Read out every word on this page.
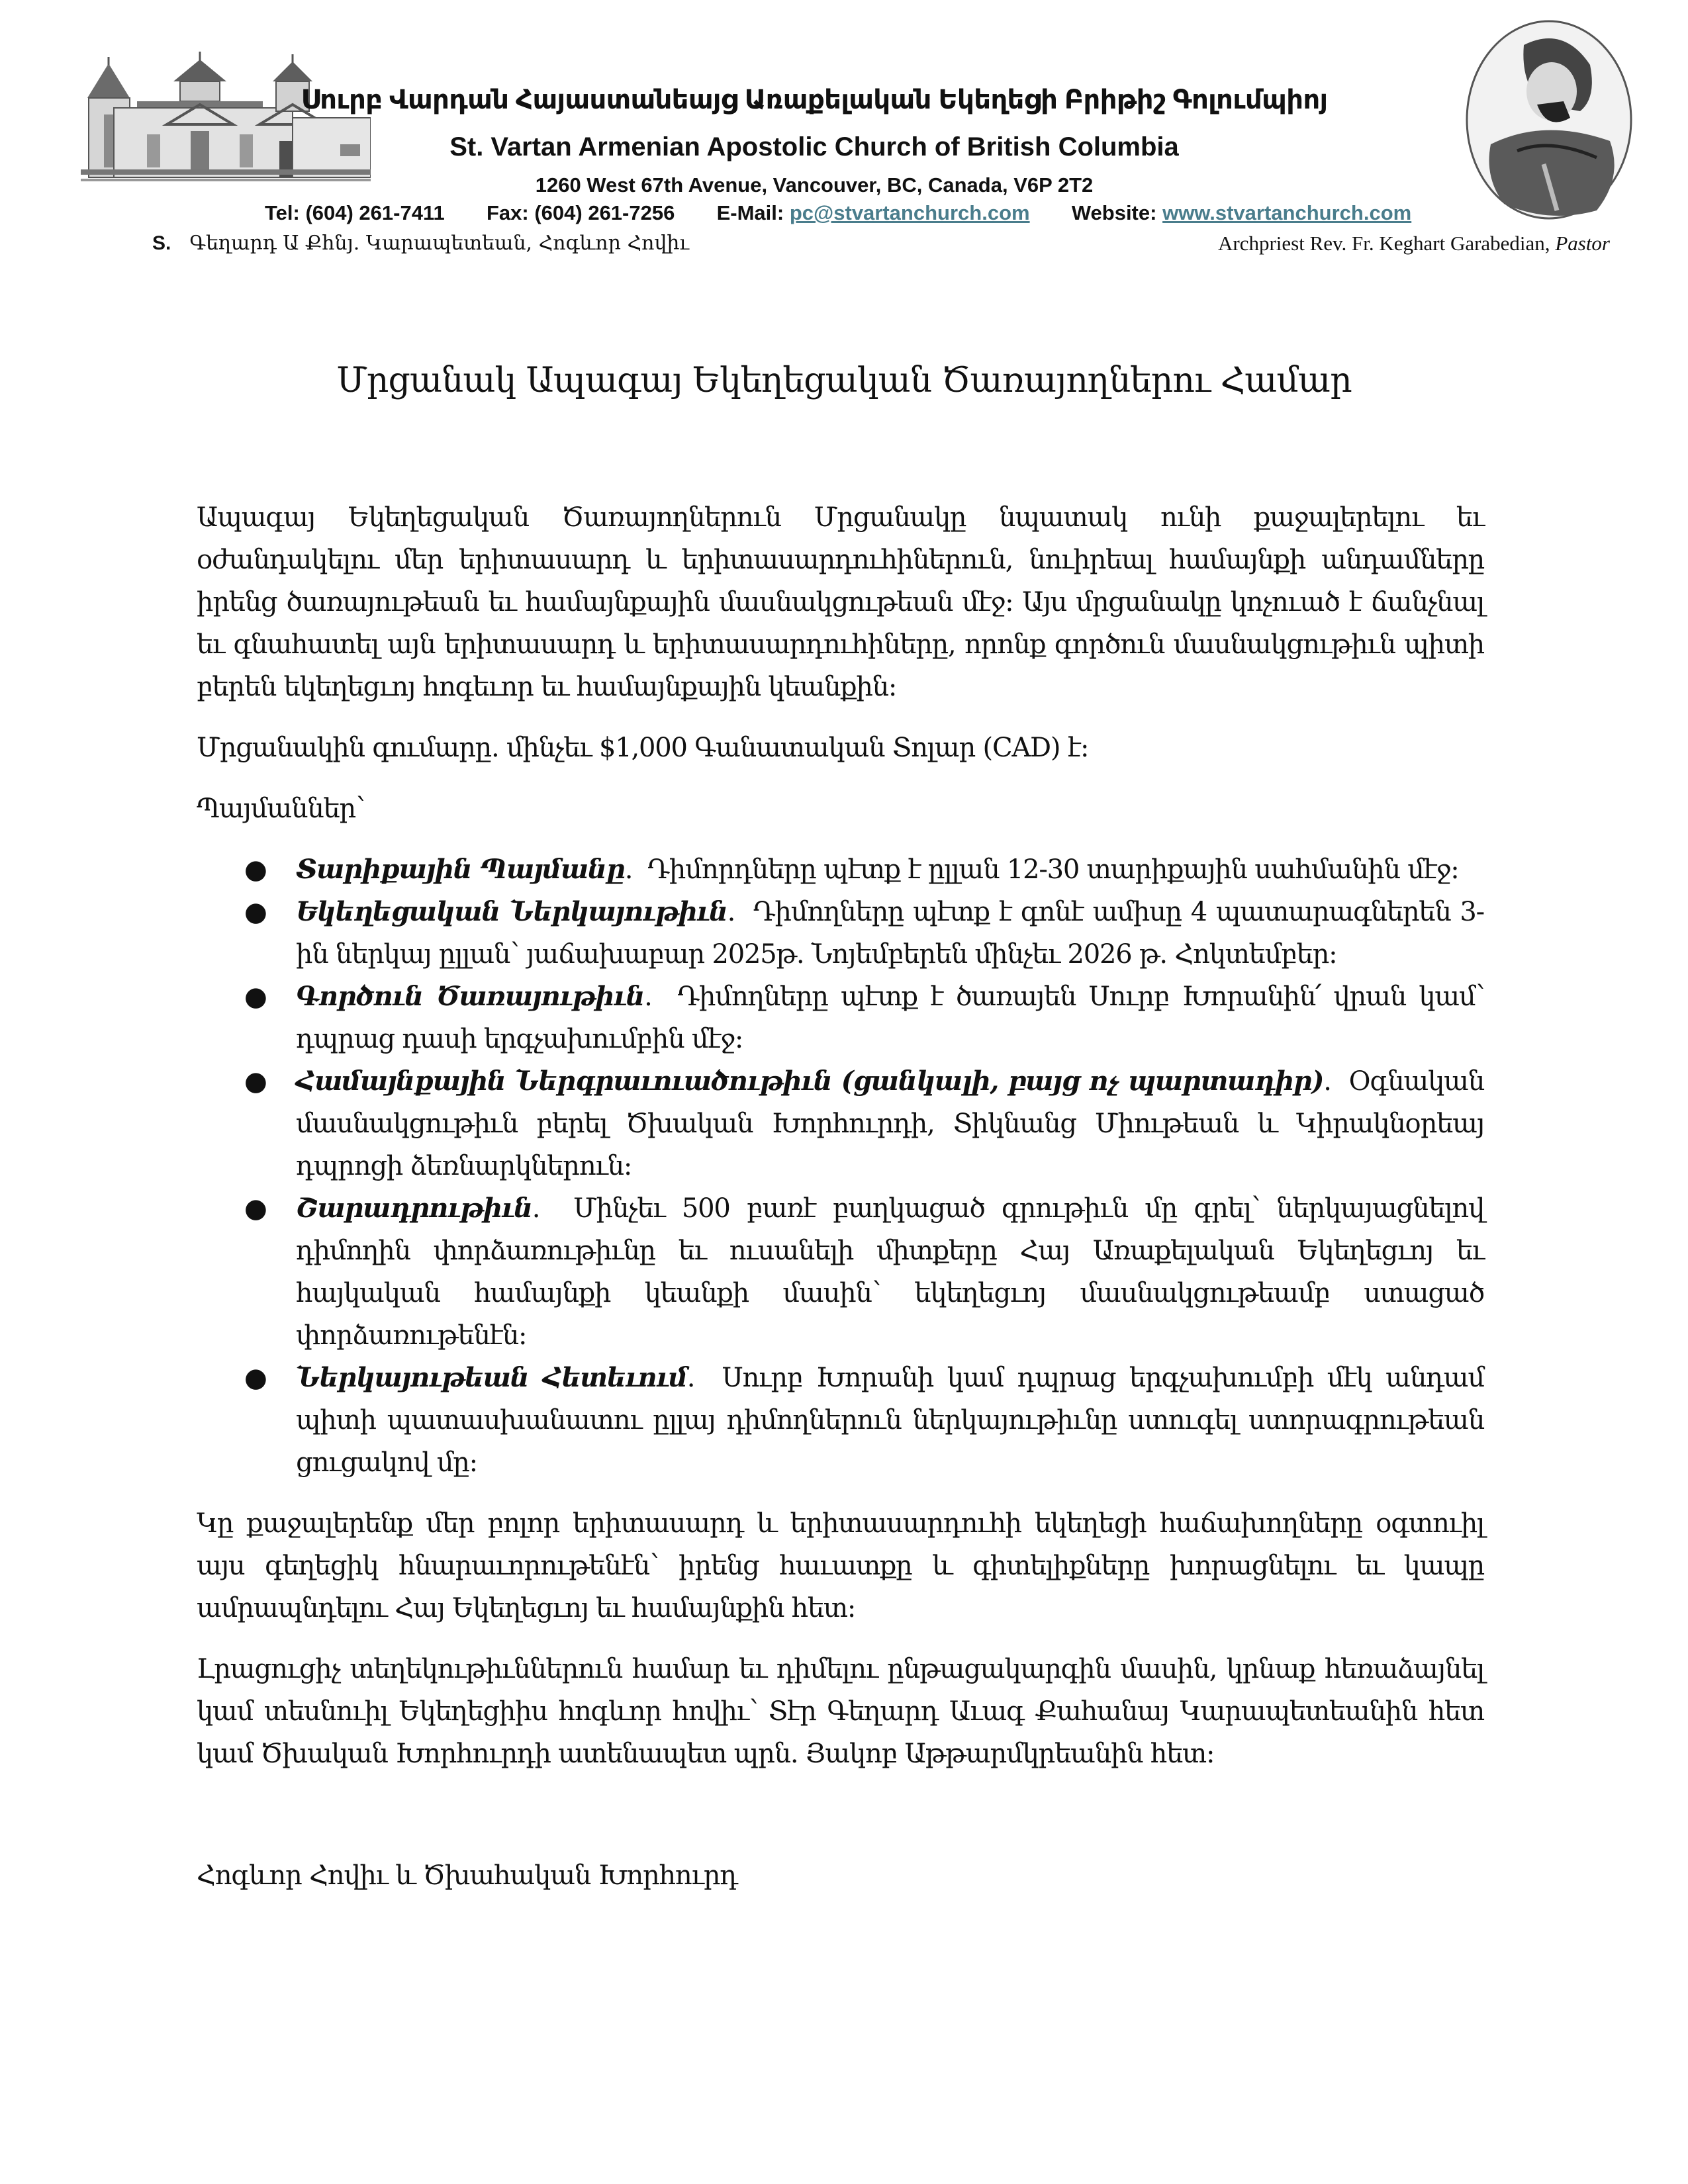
Սուրբ Վարդան Հայաստանեայց Առաքելական Եկեղեցի Բրիթիշ Գոլումպիոյ
St. Vartan Armenian Apostolic Church of British Columbia
1260 West 67th Avenue, Vancouver, BC, Canada, V6P 2T2
Tel: (604) 261-7411 Fax: (604) 261-7256 E-Mail: pc@stvartanchurch.com Website: www.stvartanchurch.com
S. Գեղարդ Ա Քհնյ. Կարապետեան, Հոգևոր Հովիւ	Archpriest Rev. Fr. Keghart Garabedian, Pastor
Մրցանակ Ապագայ Եկեղեցական Ծառայողներու Համար

Ապագայ Եկեղեցական Ծառայողներուն Մրցանակը նպատակ ունի քաջալերելու եւ օժանդակելու մեր երիտասարդ և երիտասարդուհիներուն, նուիրեալ համայնքի անդամները իրենց ծառայութեան եւ համայնքային մասնակցութեան մէջ: Այս մրցանակը կոչուած է ճանչնալ եւ գնահատել այն երիտասարդ և երիտասարդուհիները, որոնք գործուն մասնակցութիւն պիտի բերեն եկեղեցւոյ հոգեւոր եւ համայնքային կեանքին:

Մրցանակին գումարը. մինչեւ $1,000 Գանատական Տոլար (CAD) է:

Պայմաններ՝

● Տարիքային Պայմանը.  Դիմորդները պէտք է ըլլան 12-30 տարիքային սահմանին մէջ:
● Եկեղեցական Ներկայութիւն.  Դիմողները պէտք է գոնէ ամիսը 4 պատարագներեն 3-ին ներկայ ըլլան՝ յաճախաբար 2025թ. Նոյեմբերեն մինչեւ 2026 թ. Հոկտեմբեր:
● Գործուն Ծառայութիւն.  Դիմողները պէտք է ծառայեն Սուրբ Խորանին՛ վրան կամ՝ դպրաց դասի երգչախումբին մէջ:
● Համայնքային Ներգրաւուածութիւն (ցանկալի, բայց ոչ պարտադիր).  Օգնական մասնակցութիւն բերել Ծխական Խորհուրդի, Տիկնանց Միութեան և Կիրակնօրեայ դպրոցի ձեռնարկներուն:
● Շարադրութիւն.  Մինչեւ 500 բառէ բաղկացած գրութիւն մը գրել՝ ներկայացնելով դիմողին փորձառութիւնը եւ ուսանելի միտքերը Հայ Առաքելական Եկեղեցւոյ եւ հայկական համայնքի կեանքի մասին՝ եկեղեցւոյ մասնակցութեամբ ստացած փորձառութենէն:
● Ներկայութեան Հետեւում.  Սուրբ Խորանի կամ դպրաց երգչախումբի մէկ անդամ պիտի պատասխանատու ըլլայ դիմողներուն ներկայութիւնը ստուգել ստորագրութեան ցուցակով մը:

Կը քաջալերենք մեր բոլոր երիտասարդ և երիտասարդուհի եկեղեցի հաճախողները օգտուիլ այս գեղեցիկ հնարաւորութենէն՝ իրենց հաւատքը և գիտելիքները խորացնելու եւ կապը ամրապնդելու Հայ Եկեղեցւոյ եւ համայնքին հետ:

Լրացուցիչ տեղեկութիւններուն համար եւ դիմելու ընթացակարգին մասին, կրնաք հեռաձայնել կամ տեսնուիլ Եկեղեցիիս հոգևոր հովիւ՝ Տէր Գեղարդ Աւագ Քահանայ Կարապետեանին հետ կամ Ծխական Խորհուրդի ատենապետ պրն. Յակոբ Աթթարմկրեանին հետ:

Հոգևոր Հովիւ և Ծխահական Խորհուրդ
